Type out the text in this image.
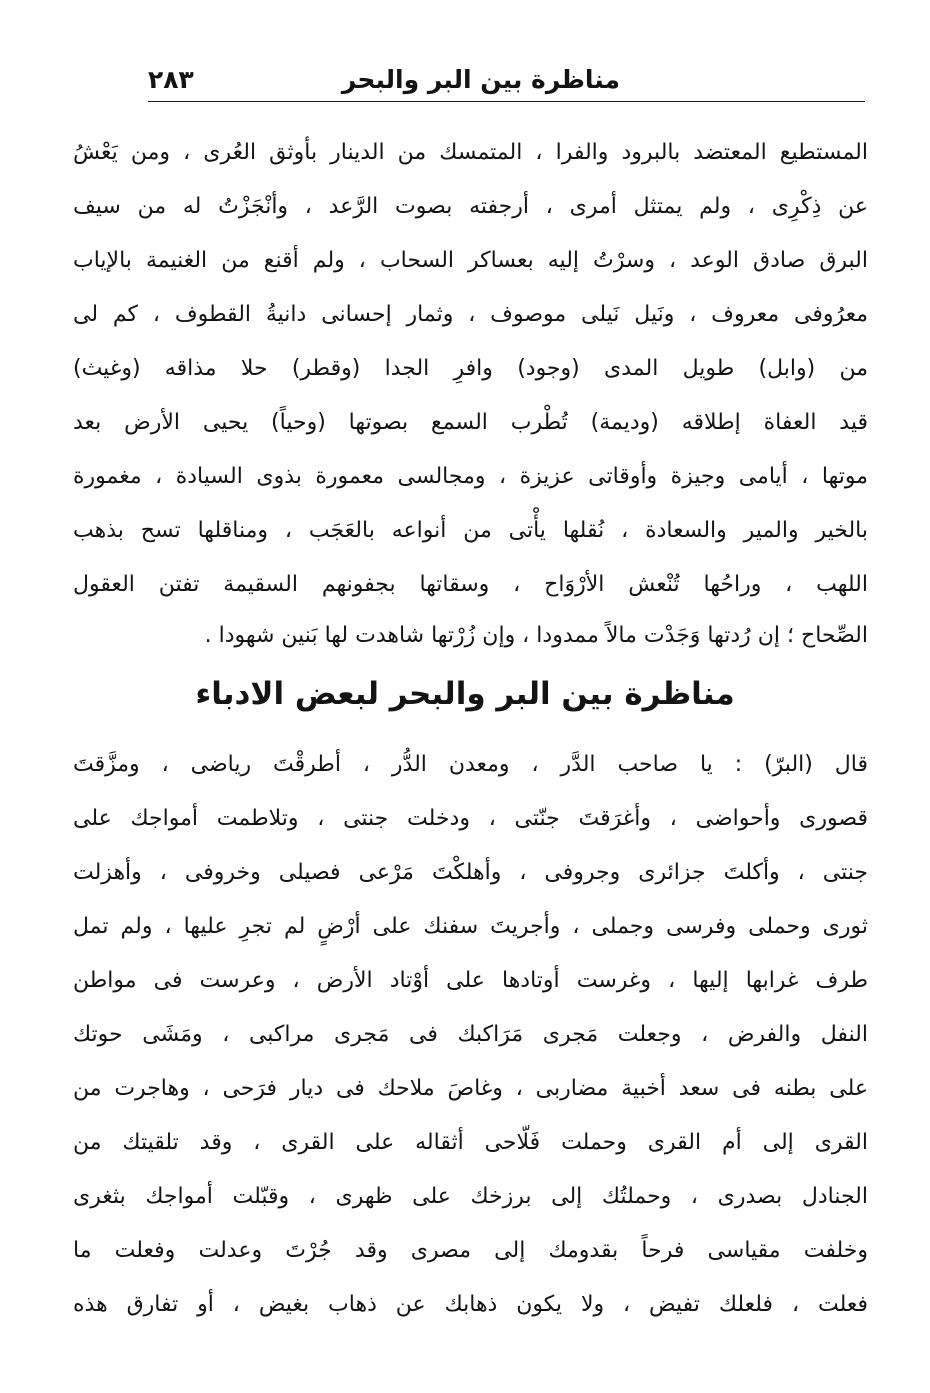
مناظرة بين البر والبحر
٢٨٣
المستطيع المعتضد بالبرود والفرا ، المتمسك من الدينار بأوثق العُرى ، ومن يَعْشُ
عن ذِكْرِى ، ولم يمتثل أمرى ، أرجفته بصوت الرَّعد ، وأنْجَزْتُ له من سيف
البرق صادق الوعد ، وسرْتُ إليه بعساكر السحاب ، ولم أقنع من الغنيمة بالإياب
معرُوفى معروف ، ونَيل نَيلى موصوف ، وثمار إحسانى دانيةُ القطوف ، كم لى
من (وابل) طويل المدى (وجود) وافرِ الجدا (وقطر) حلا مذاقه (وغيث)
قيد العفاة إطلاقه (وديمة) تُطْرب السمع بصوتها (وحياً) يحيى الأرض بعد
موتها ، أيامى وجيزة وأوقاتى عزيزة ، ومجالسى معمورة بذوى السيادة ، مغمورة
بالخير والمير والسعادة ، نُقلها يأْتى من أنواعه بالعَجَب ، ومناقلها تسح بذهب
اللهب ، وراحُها تُنْعش الأرْوَاح ، وسقاتها بجفونهم السقيمة تفتن العقول
الصِّحاح ؛ إن رُدتها وَجَدْت مالاً ممدودا ، وإن زُرْتها شاهدت لها بَنين شهودا .
مناظرة بين البر والبحر لبعض الادباء
قال (البرّ) : يا صاحب الدَّر ، ومعدن الدُّر ، أطرقْتَ رياضى ، ومزَّقتَ
قصورى وأحواضى ، وأغرَقتَ جنّتى ، ودخلت جنتى ، وتلاطمت أمواجك على
جنتى ، وأكلتَ جزائرى وجروفى ، وأهلكْتَ مَرْعى فصيلى وخروفى ، وأهزلت
ثورى وحملى وفرسى وجملى ، وأجريتَ سفنك على أرْضٍ لم تجرِ عليها ، ولم تمل
طرف غرابها إليها ، وغرست أوتادها على أوْتاد الأرض ، وعرست فى مواطن
النفل والفرض ، وجعلت مَجرى مَرَاكبك فى مَجرى مراكبى ، ومَشَى حوتك
على بطنه فى سعد أخبية مضاربى ، وغاصَ ملاحك فى ديار فرَحى ، وهاجرت من
القرى إلى أم القرى وحملت فَلّاحى أثقاله على القرى ، وقد تلقيتك من
الجنادل بصدرى ، وحملتُك إلى برزخك على ظهرى ، وقبّلت أمواجك بثغرى
وخلفت مقياسى فرحاً بقدومك إلى مصرى وقد جُرْتَ وعدلت وفعلت ما
فعلت ، فلعلك تفيض ، ولا يكون ذهابك عن ذهاب بغيض ، أو تفارق هذه
